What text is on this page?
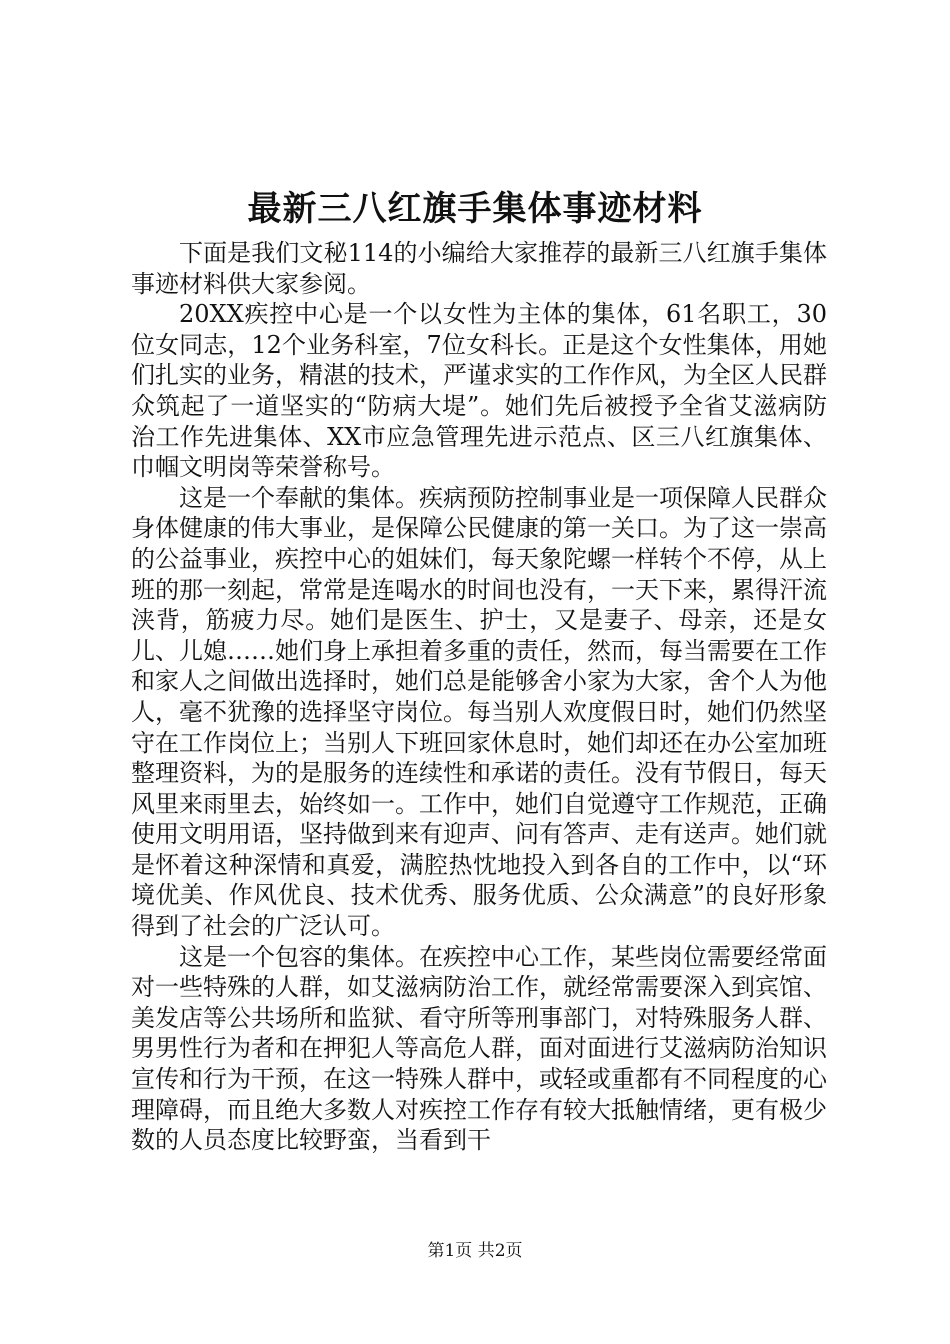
最新三八红旗手集体事迹材料

下面是我们文秘114的小编给大家推荐的最新三八红旗手集体事迹材料供大家参阅。

20XX疾控中心是一个以女性为主体的集体，61名职工，30位女同志，12个业务科室，7位女科长。正是这个女性集体，用她们扎实的业务，精湛的技术，严谨求实的工作作风，为全区人民群众筑起了一道坚实的“防病大堤”。她们先后被授予全省艾滋病防治工作先进集体、XX市应急管理先进示范点、区三八红旗集体、巾帼文明岗等荣誉称号。

这是一个奉献的集体。疾病预防控制事业是一项保障人民群众身体健康的伟大事业，是保障公民健康的第一关口。为了这一崇高的公益事业，疾控中心的姐妹们，每天象陀螺一样转个不停，从上班的那一刻起，常常是连喝水的时间也没有，一天下来，累得汗流浃背，筋疲力尽。她们是医生、护士，又是妻子、母亲，还是女儿、儿媳……她们身上承担着多重的责任，然而，每当需要在工作和家人之间做出选择时，她们总是能够舍小家为大家，舍个人为他人，毫不犹豫的选择坚守岗位。每当别人欢度假日时，她们仍然坚守在工作岗位上；当别人下班回家休息时，她们却还在办公室加班整理资料，为的是服务的连续性和承诺的责任。没有节假日，每天风里来雨里去，始终如一。工作中，她们自觉遵守工作规范，正确使用文明用语，坚持做到来有迎声、问有答声、走有送声。她们就是怀着这种深情和真爱，满腔热忱地投入到各自的工作中，以“环境优美、作风优良、技术优秀、服务优质、公众满意”的良好形象得到了社会的广泛认可。

这是一个包容的集体。在疾控中心工作，某些岗位需要经常面对一些特殊的人群，如艾滋病防治工作，就经常需要深入到宾馆、美发店等公共场所和监狱、看守所等刑事部门，对特殊服务人群、男男性行为者和在押犯人等高危人群，面对面进行艾滋病防治知识宣传和行为干预，在这一特殊人群中，或轻或重都有不同程度的心理障碍，而且绝大多数人对疾控工作存有较大抵触情绪，更有极少数的人员态度比较野蛮，当看到干

第1页 共2页
